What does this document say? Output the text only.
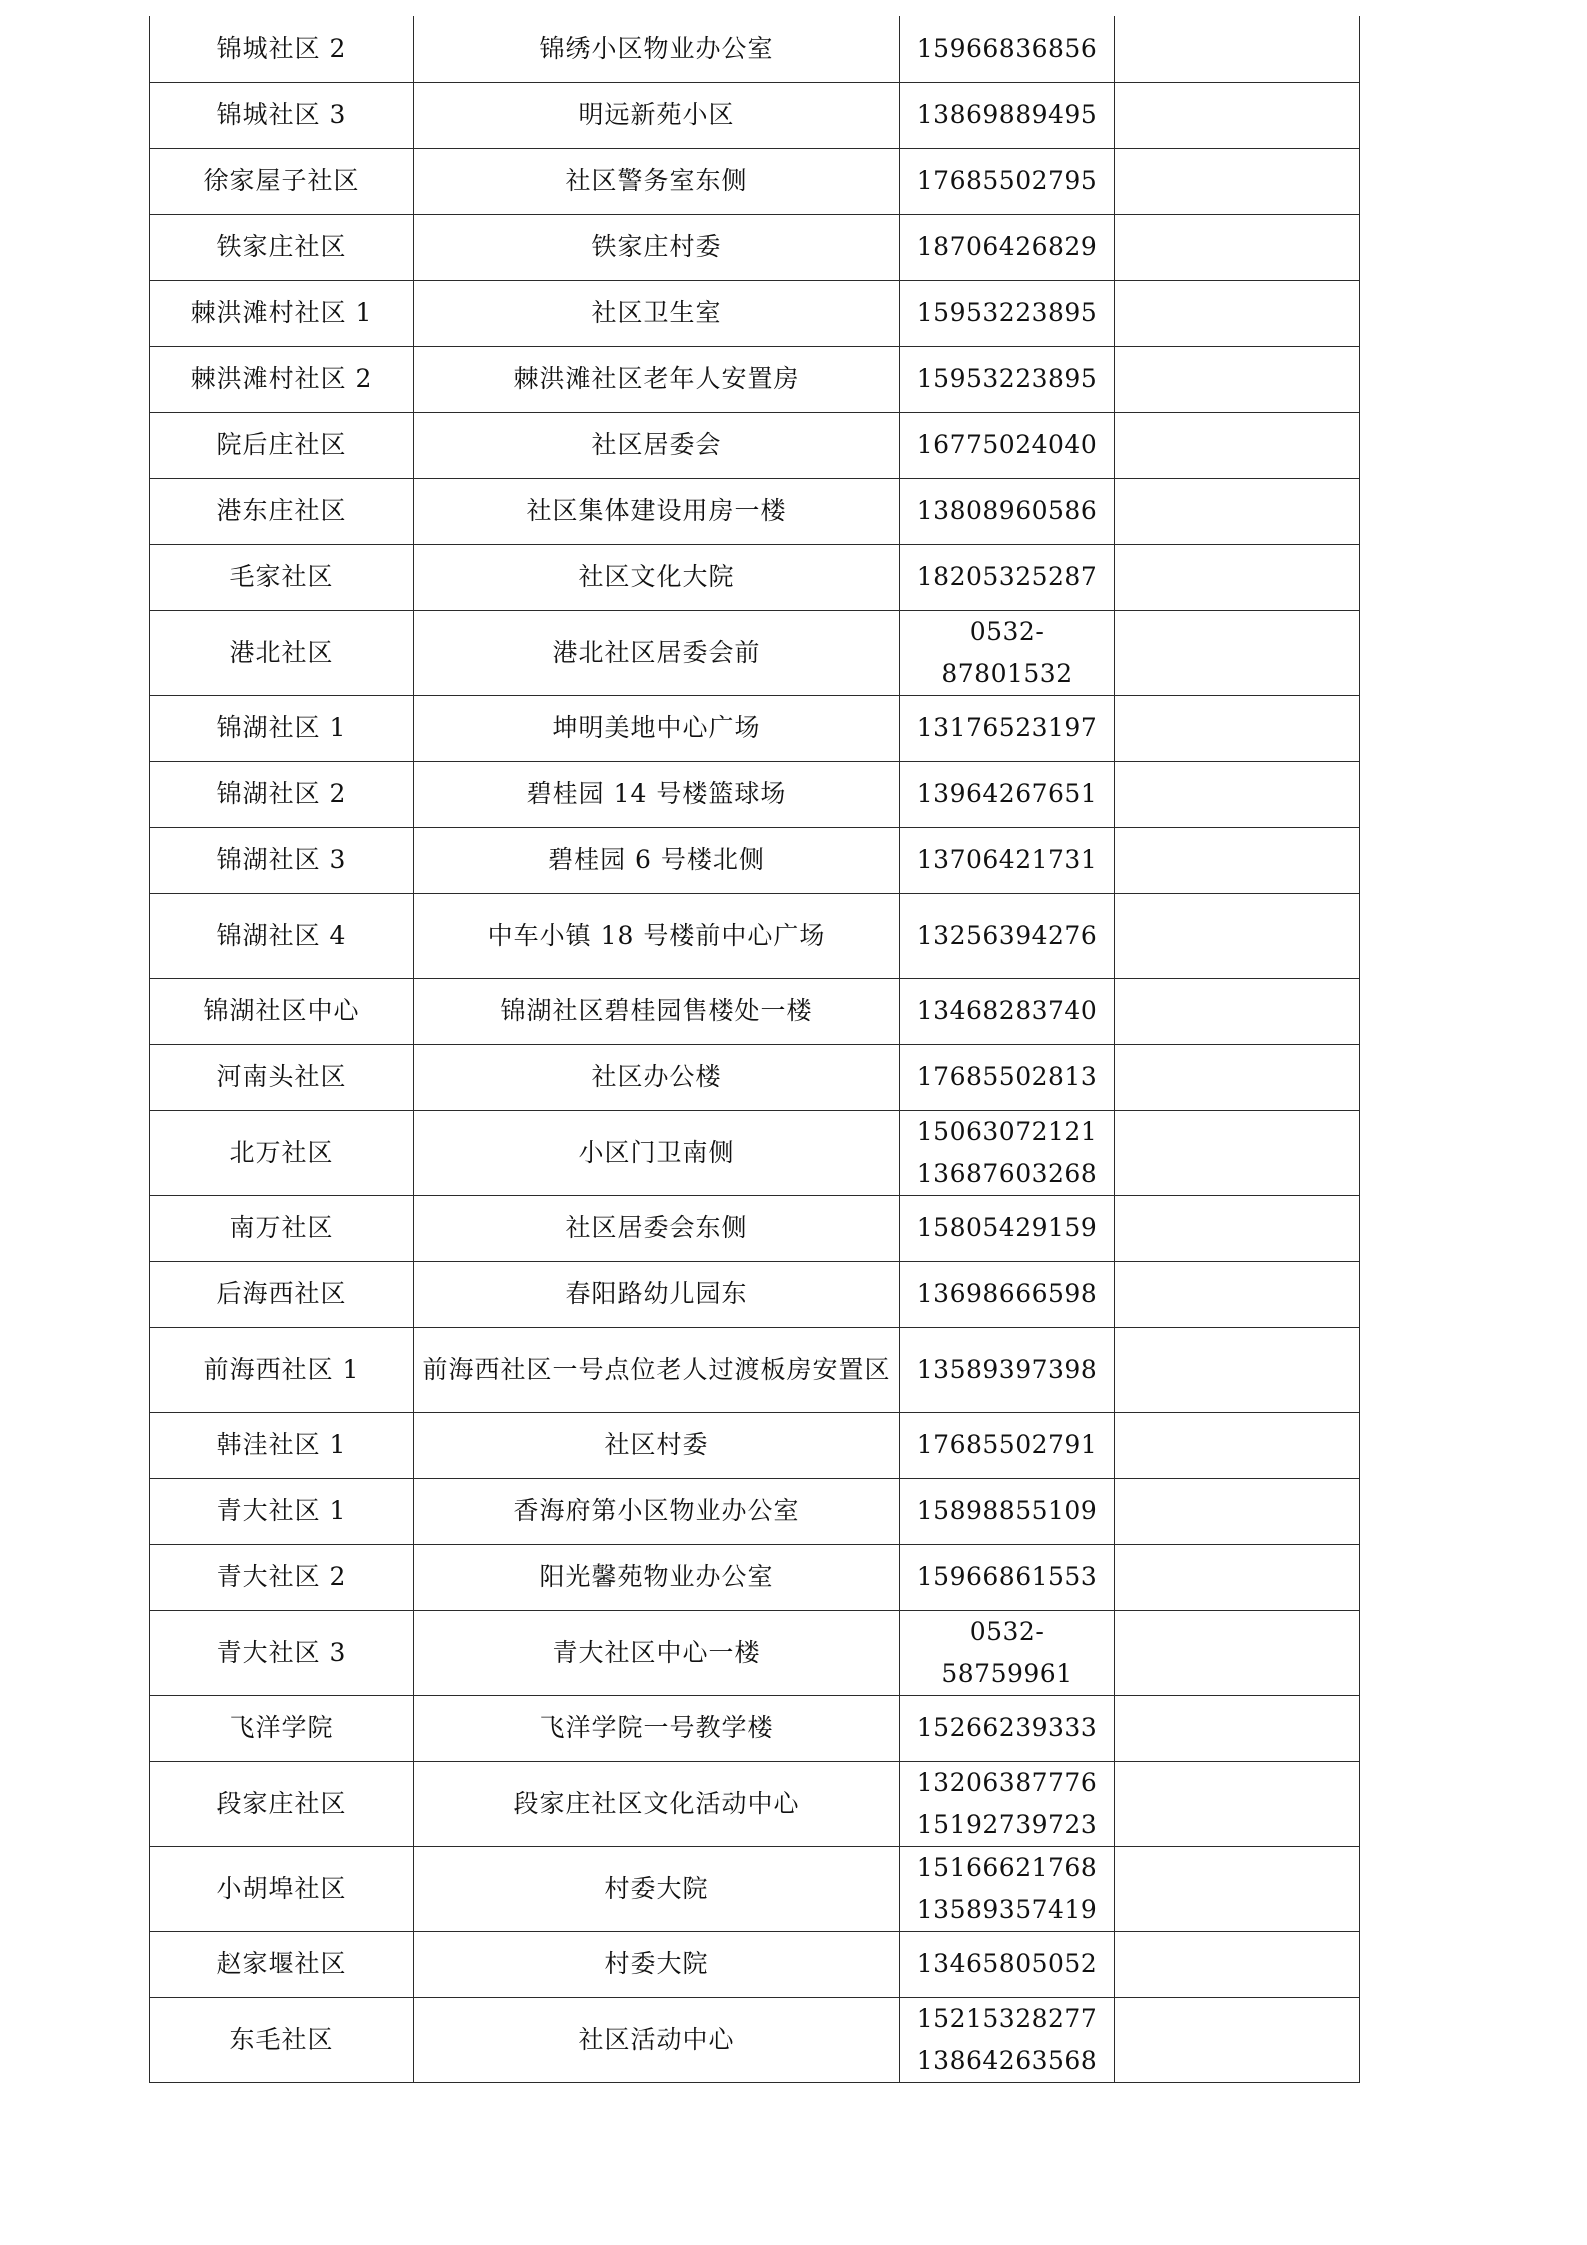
锦城社区 2	锦绣小区物业办公室	15966836856	

锦城社区 3	明远新苑小区	13869889495	

徐家屋子社区	社区警务室东侧	17685502795	

铁家庄社区	铁家庄村委	18706426829	

棘洪滩村社区 1	社区卫生室	15953223895	

棘洪滩村社区 2	棘洪滩社区老年人安置房	15953223895	

院后庄社区	社区居委会	16775024040	

港东庄社区	社区集体建设用房一楼	13808960586	

毛家社区	社区文化大院	18205325287	

港北社区	港北社区居委会前	0532-87801532	

锦湖社区 1	坤明美地中心广场	13176523197	

锦湖社区 2	碧桂园 14 号楼篮球场	13964267651	

锦湖社区 3	碧桂园 6 号楼北侧	13706421731	

锦湖社区 4	中车小镇 18 号楼前中心广场	13256394276	

锦湖社区中心	锦湖社区碧桂园售楼处一楼	13468283740	

河南头社区	社区办公楼	17685502813	

北万社区	小区门卫南侧	15063072121
13687603268	

南万社区	社区居委会东侧	15805429159	

后海西社区	春阳路幼儿园东	13698666598	

前海西社区 1	前海西社区一号点位老人过渡板房安置区	13589397398	

韩洼社区 1	社区村委	17685502791	

青大社区 1	香海府第小区物业办公室	15898855109	

青大社区 2	阳光馨苑物业办公室	15966861553	

青大社区 3	青大社区中心一楼	0532-58759961	

飞洋学院	飞洋学院一号教学楼	15266239333	

段家庄社区	段家庄社区文化活动中心	13206387776
15192739723	

小胡埠社区	村委大院	15166621768
13589357419	

赵家堰社区	村委大院	13465805052	

东毛社区	社区活动中心	15215328277
13864263568	
